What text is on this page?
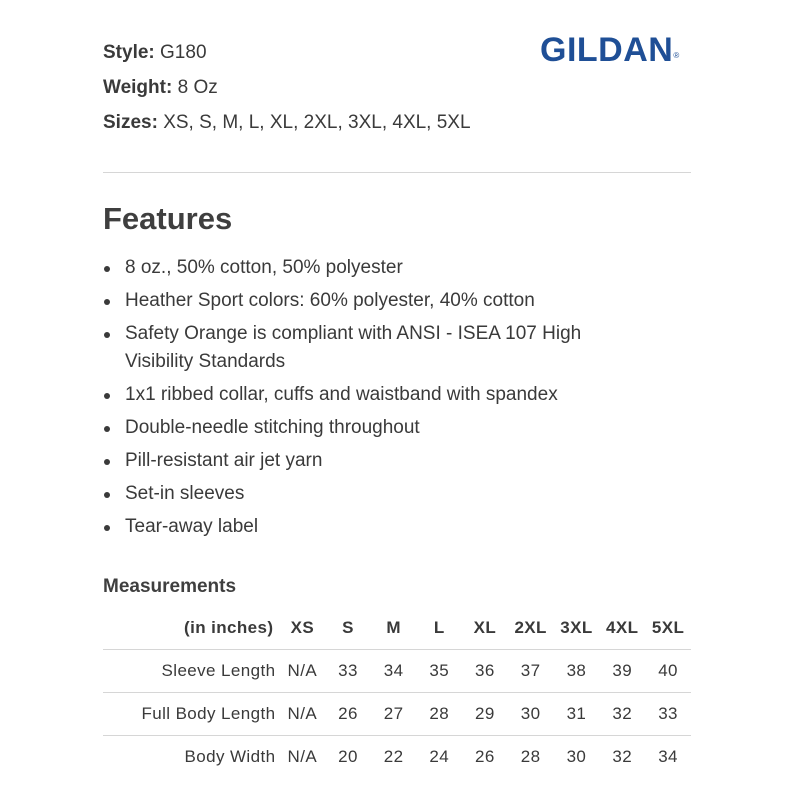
Style: G180
Weight: 8 Oz
Sizes: XS, S, M, L, XL, 2XL, 3XL, 4XL, 5XL
GILDAN®
Features
8 oz., 50% cotton, 50% polyester
Heather Sport colors: 60% polyester, 40% cotton
Safety Orange is compliant with ANSI - ISEA 107 High Visibility Standards
1x1 ribbed collar, cuffs and waistband with spandex
Double-needle stitching throughout
Pill-resistant air jet yarn
Set-in sleeves
Tear-away label
Measurements
(in inches)	XS	S	M	L	XL	2XL	3XL	4XL	5XL
Sleeve Length	N/A	33	34	35	36	37	38	39	40
Full Body Length	N/A	26	27	28	29	30	31	32	33
Body Width	N/A	20	22	24	26	28	30	32	34
